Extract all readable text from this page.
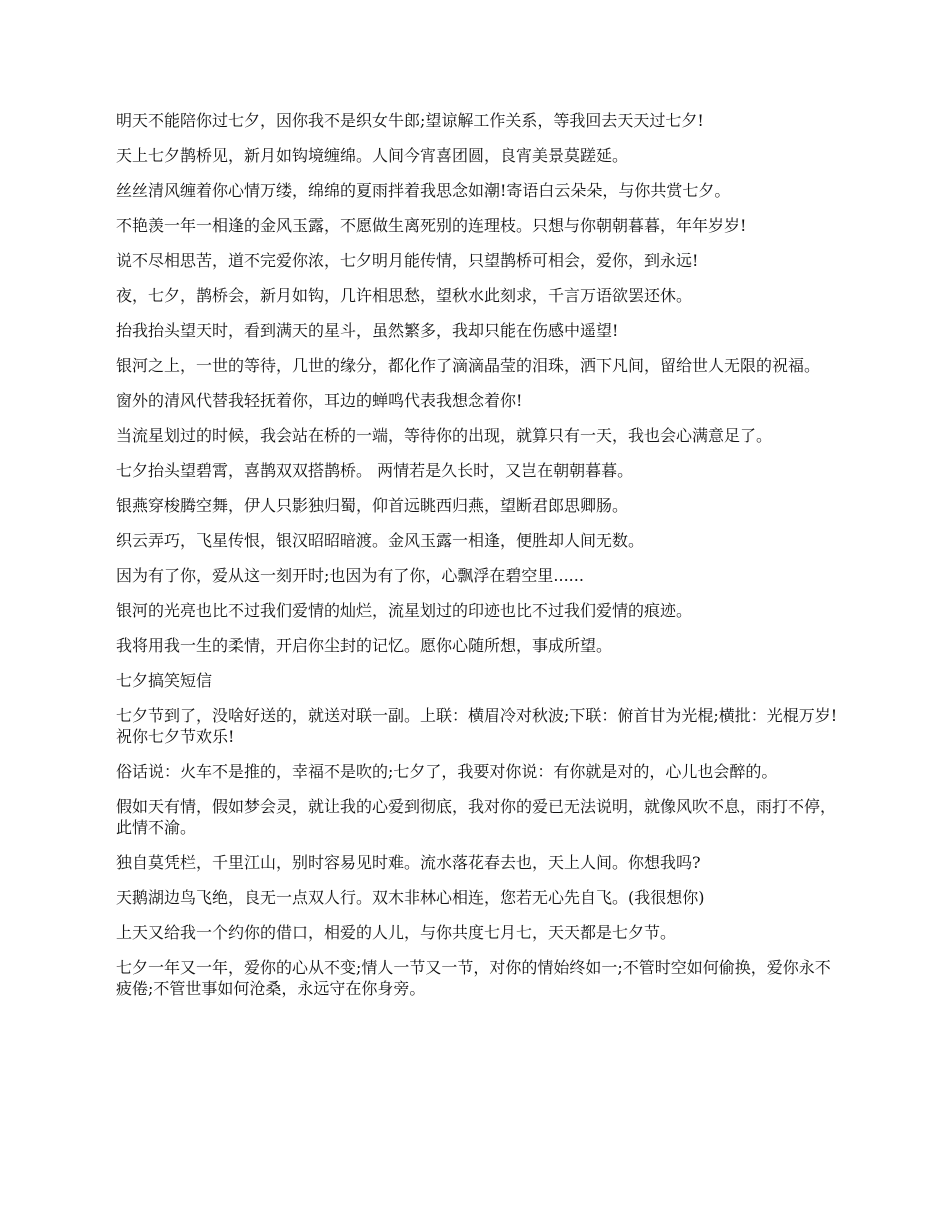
明天不能陪你过七夕，因你我不是织女牛郎;望谅解工作关系，等我回去天天过七夕!

天上七夕鹊桥见，新月如钩境缠绵。人间今宵喜团圆，良宵美景莫蹉延。

丝丝清风缠着你心情万缕，绵绵的夏雨拌着我思念如潮!寄语白云朵朵，与你共赏七夕。

不艳羡一年一相逢的金风玉露，不愿做生离死别的连理枝。只想与你朝朝暮暮，年年岁岁!

说不尽相思苦，道不完爱你浓，七夕明月能传情，只望鹊桥可相会，爱你，到永远!

夜，七夕，鹊桥会，新月如钩，几许相思愁，望秋水此刻求，千言万语欲罢还休。

抬我抬头望天时，看到满天的星斗，虽然繁多，我却只能在伤感中遥望!

银河之上，一世的等待，几世的缘分，都化作了滴滴晶莹的泪珠，洒下凡间，留给世人无限的祝福。

窗外的清风代替我轻抚着你，耳边的蝉鸣代表我想念着你!

当流星划过的时候，我会站在桥的一端，等待你的出现，就算只有一天，我也会心满意足了。

七夕抬头望碧霄，喜鹊双双搭鹊桥。 两情若是久长时，又岂在朝朝暮暮。

银燕穿梭腾空舞，伊人只影独归蜀，仰首远眺西归燕，望断君郎思卿肠。

织云弄巧，飞星传恨，银汉昭昭暗渡。金风玉露一相逢，便胜却人间无数。

因为有了你，爱从这一刻开时;也因为有了你，心飘浮在碧空里......

银河的光亮也比不过我们爱情的灿烂，流星划过的印迹也比不过我们爱情的痕迹。

我将用我一生的柔情，开启你尘封的记忆。愿你心随所想，事成所望。

七夕搞笑短信

七夕节到了，没啥好送的，就送对联一副。上联：横眉冷对秋波;下联：俯首甘为光棍;横批：光棍万岁!祝你七夕节欢乐!

俗话说：火车不是推的，幸福不是吹的;七夕了，我要对你说：有你就是对的，心儿也会醉的。

假如天有情，假如梦会灵，就让我的心爱到彻底，我对你的爱已无法说明，就像风吹不息，雨打不停，此情不渝。

独自莫凭栏，千里江山，别时容易见时难。流水落花春去也，天上人间。你想我吗?

天鹅湖边鸟飞绝，良无一点双人行。双木非林心相连，您若无心先自飞。(我很想你)

上天又给我一个约你的借口，相爱的人儿，与你共度七月七，天天都是七夕节。

七夕一年又一年，爱你的心从不变;情人一节又一节，对你的情始终如一;不管时空如何偷换，爱你永不疲倦;不管世事如何沧桑，永远守在你身旁。
